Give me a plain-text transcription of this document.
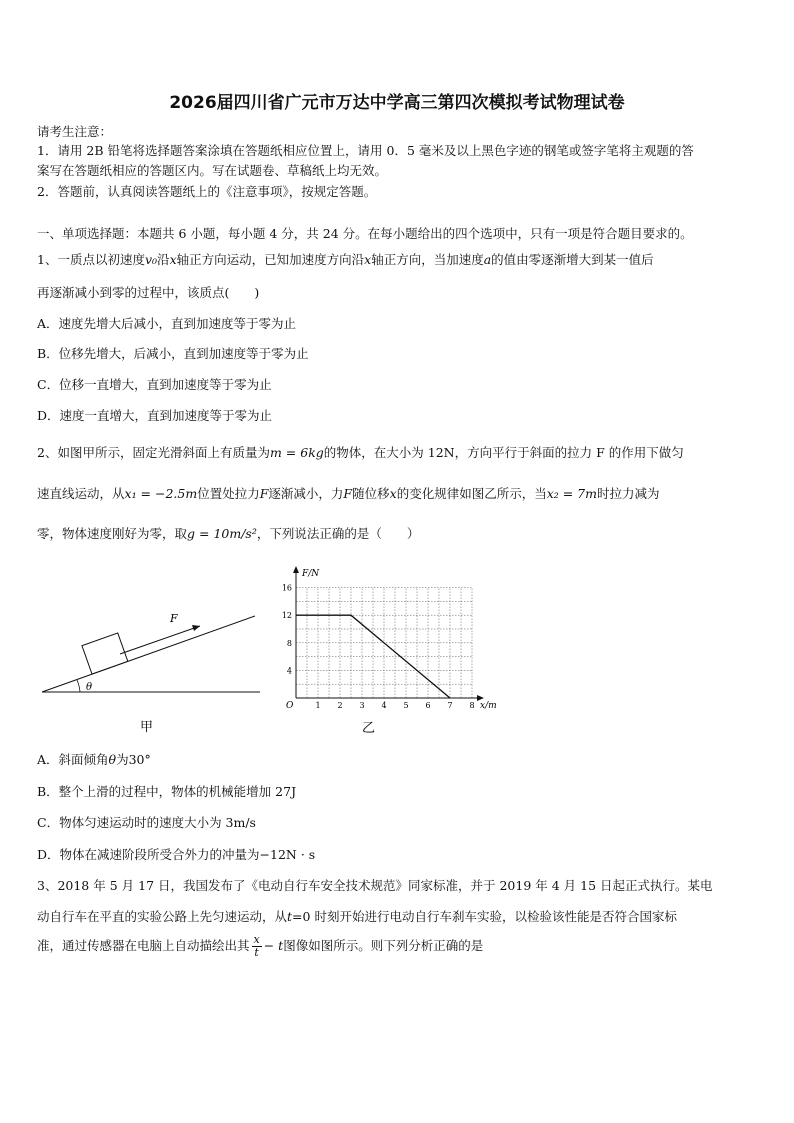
2026届四川省广元市万达中学高三第四次模拟考试物理试卷
请考生注意：
1．请用 2B 铅笔将选择题答案涂填在答题纸相应位置上，请用 0．5 毫米及以上黑色字迹的钢笔或签字笔将主观题的答
案写在答题纸相应的答题区内。写在试题卷、草稿纸上均无效。
2．答题前，认真阅读答题纸上的《注意事项》，按规定答题。
一、单项选择题：本题共 6 小题，每小题 4 分，共 24 分。在每小题给出的四个选项中，只有一项是符合题目要求的。
1、一质点以初速度v₀沿x轴正方向运动，已知加速度方向沿x轴正方向，当加速度a的值由零逐渐增大到某一值后
再逐渐减小到零的过程中，该质点(　　)
A．速度先增大后减小，直到加速度等于零为止
B．位移先增大，后减小，直到加速度等于零为止
C．位移一直增大，直到加速度等于零为止
D．速度一直增大，直到加速度等于零为止
2、如图甲所示，固定光滑斜面上有质量为m = 6kg的物体，在大小为 12N，方向平行于斜面的拉力 F 的作用下做匀
速直线运动，从x₁ = −2.5m位置处拉力F逐渐减小，力F随位移x的变化规律如图乙所示，当x₂ = 7m时拉力减为
零，物体速度刚好为零，取g = 10m/s²，下列说法正确的是（　　）
F
θ
甲
1 2 3 4 5 6 7 8
4
8
12
16
F/N
x/m
O
乙
A．斜面倾角θ为30°
B．整个上滑的过程中，物体的机械能增加 27J
C．物体匀速运动时的速度大小为 3m/s
D．物体在减速阶段所受合外力的冲量为−12N · s
3、2018 年 5 月 17 日，我国发布了《电动自行车安全技术规范》同家标准，并于 2019 年 4 月 15 日起正式执行。某电
动自行车在平直的实验公路上先匀速运动，从t=0 时刻开始进行电动自行车刹车实验，以检验该性能是否符合国家标
准，通过传感器在电脑上自动描绘出其 $\frac{x}{t} - t$图像如图所示。则下列分析正确的是
